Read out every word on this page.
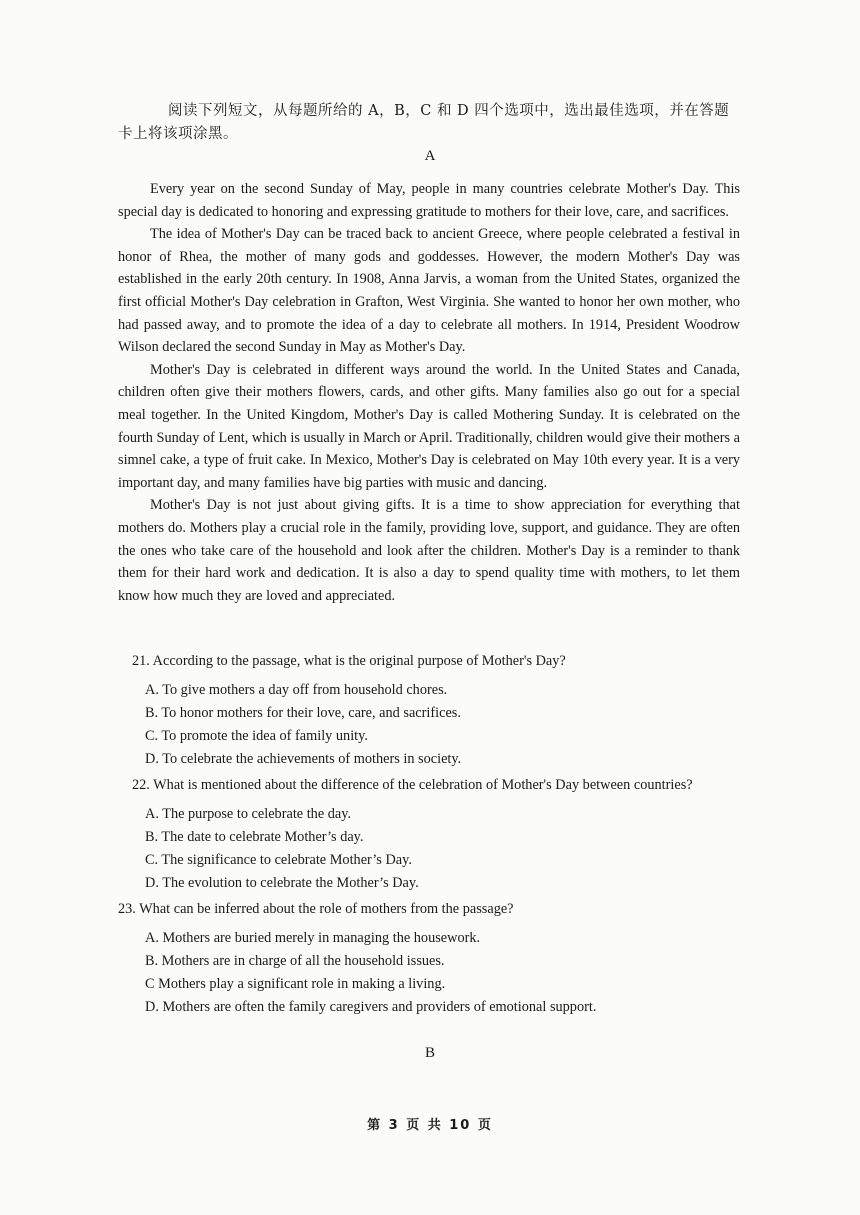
阅读下列短文，从每题所给的 A，B，C 和 D 四个选项中，选出最佳选项，并在答题卡上将该项涂黑。
A

Every year on the second Sunday of May, people in many countries celebrate Mother's Day. This special day is dedicated to honoring and expressing gratitude to mothers for their love, care, and sacrifices.

The idea of Mother's Day can be traced back to ancient Greece, where people celebrated a festival in honor of Rhea, the mother of many gods and goddesses. However, the modern Mother's Day was established in the early 20th century. In 1908, Anna Jarvis, a woman from the United States, organized the first official Mother's Day celebration in Grafton, West Virginia. She wanted to honor her own mother, who had passed away, and to promote the idea of a day to celebrate all mothers. In 1914, President Woodrow Wilson declared the second Sunday in May as Mother's Day.

Mother's Day is celebrated in different ways around the world. In the United States and Canada, children often give their mothers flowers, cards, and other gifts. Many families also go out for a special meal together. In the United Kingdom, Mother's Day is called Mothering Sunday. It is celebrated on the fourth Sunday of Lent, which is usually in March or April. Traditionally, children would give their mothers a simnel cake, a type of fruit cake. In Mexico, Mother's Day is celebrated on May 10th every year. It is a very important day, and many families have big parties with music and dancing.

Mother's Day is not just about giving gifts. It is a time to show appreciation for everything that mothers do. Mothers play a crucial role in the family, providing love, support, and guidance. They are often the ones who take care of the household and look after the children. Mother's Day is a reminder to thank them for their hard work and dedication. It is also a day to spend quality time with mothers, to let them know how much they are loved and appreciated.

21. According to the passage, what is the original purpose of Mother's Day?
A. To give mothers a day off from household chores.
B. To honor mothers for their love, care, and sacrifices.
C. To promote the idea of family unity.
D. To celebrate the achievements of mothers in society.
22. What is mentioned about the difference of the celebration of Mother's Day between countries?
A. The purpose to celebrate the day.
B. The date to celebrate Mother’s day.
C. The significance to celebrate Mother’s Day.
D. The evolution to celebrate the Mother’s Day.
23. What can be inferred about the role of mothers from the passage?
A. Mothers are buried merely in managing the housework.
B. Mothers are in charge of all the household issues.
C Mothers play a significant role in making a living.
D. Mothers are often the family caregivers and providers of emotional support.
B
第 3 页 共 10 页
